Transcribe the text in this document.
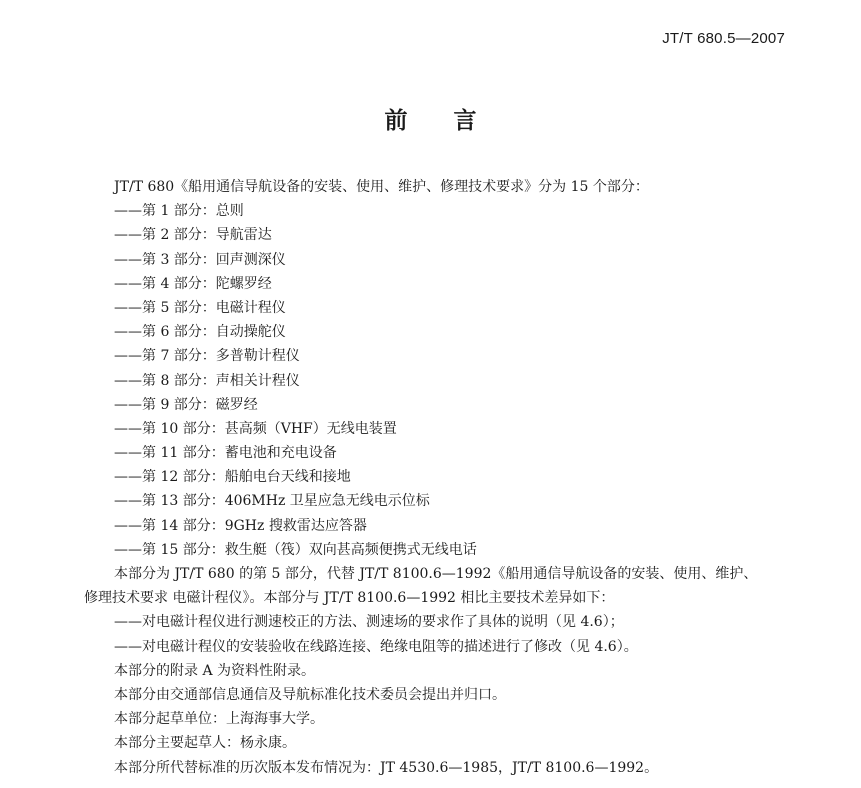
JT/T 680.5—2007
前言
JT/T 680《船用通信导航设备的安装、使用、维护、修理技术要求》分为 15 个部分：
——第 1 部分：总则
——第 2 部分：导航雷达
——第 3 部分：回声测深仪
——第 4 部分：陀螺罗经
——第 5 部分：电磁计程仪
——第 6 部分：自动操舵仪
——第 7 部分：多普勒计程仪
——第 8 部分：声相关计程仪
——第 9 部分：磁罗经
——第 10 部分：甚高频（VHF）无线电装置
——第 11 部分：蓄电池和充电设备
——第 12 部分：船舶电台天线和接地
——第 13 部分：406MHz 卫星应急无线电示位标
——第 14 部分：9GHz 搜救雷达应答器
——第 15 部分：救生艇（筏）双向甚高频便携式无线电话
本部分为 JT/T 680 的第 5 部分，代替 JT/T 8100.6—1992《船用通信导航设备的安装、使用、维护、
修理技术要求 电磁计程仪》。本部分与 JT/T 8100.6—1992 相比主要技术差异如下：
——对电磁计程仪进行测速校正的方法、测速场的要求作了具体的说明（见 4.6）；
——对电磁计程仪的安装验收在线路连接、绝缘电阻等的描述进行了修改（见 4.6）。
本部分的附录 A 为资料性附录。
本部分由交通部信息通信及导航标准化技术委员会提出并归口。
本部分起草单位：上海海事大学。
本部分主要起草人：杨永康。
本部分所代替标准的历次版本发布情况为：JT 4530.6—1985，JT/T 8100.6—1992。
